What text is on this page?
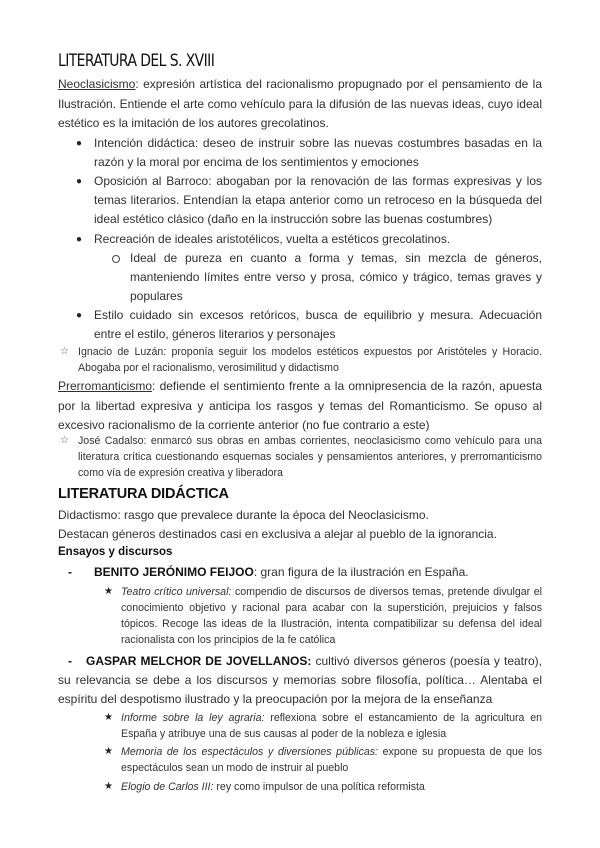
LITERATURA DEL S. XVIII

Neoclasicismo: expresión artística del racionalismo propugnado por el pensamiento de la Ilustración. Entiende el arte como vehículo para la difusión de las nuevas ideas, cuyo ideal estético es la imitación de los autores grecolatinos.

● Intención didáctica: deseo de instruir sobre las nuevas costumbres basadas en la razón y la moral por encima de los sentimientos y emociones

● Oposición al Barroco: abogaban por la renovación de las formas expresivas y los temas literarios. Entendían la etapa anterior como un retroceso en la búsqueda del ideal estético clásico (daño en la instrucción sobre las buenas costumbres)

● Recreación de ideales aristotélicos, vuelta a estéticos grecolatinos.

Ideal de pureza en cuanto a forma y temas, sin mezcla de géneros, manteniendo límites entre verso y prosa, cómico y trágico, temas graves y populares

● Estilo cuidado sin excesos retóricos, busca de equilibrio y mesura. Adecuación entre el estilo, géneros literarios y personajes

☆ Ignacio de Luzán: proponía seguir los modelos estéticos expuestos por Aristóteles y Horacio. Abogaba por el racionalismo, verosimilitud y didactismo

Prerromanticismo: defiende el sentimiento frente a la omnipresencia de la razón, apuesta por la libertad expresiva y anticipa los rasgos y temas del Romanticismo. Se opuso al excesivo racionalismo de la corriente anterior (no fue contrario a este)

☆ José Cadalso: enmarcó sus obras en ambas corrientes, neoclasicismo como vehículo para una literatura crítica cuestionando esquemas sociales y pensamientos anteriores, y prerromanticismo como vía de expresión creativa y liberadora

LITERATURA DIDÁCTICA

Didactismo: rasgo que prevalece durante la época del Neoclasicismo.

Destacan géneros destinados casi en exclusiva a alejar al pueblo de la ignorancia.

Ensayos y discursos
- BENITO JERÓNIMO FEIJOO: gran figura de la ilustración en España.

★ Teatro crítico universal: compendio de discursos de diversos temas, pretende divulgar el conocimiento objetivo y racional para acabar con la superstición, prejuicios y falsos tópicos. Recoge las ideas de la Ilustración, intenta compatibilizar su defensa del ideal racionalista con los principios de la fe católica

-	GASPAR MELCHOR DE JOVELLANOS: cultivó diversos géneros (poesía y teatro), su relevancia se debe a los discursos y memorias sobre filosofía, política… Alentaba el espíritu del despotismo ilustrado y la preocupación por la mejora de la enseñanza

★ Informe sobre la ley agraria: reflexiona sobre el estancamiento de la agricultura en España y atribuye una de sus causas al poder de la nobleza e iglesia

★ Memoria de los espectáculos y diversiones públicas: expone su propuesta de que los espectáculos sean un modo de instruir al pueblo

★ Elogio de Carlos III: rey como impulsor de una política reformista
